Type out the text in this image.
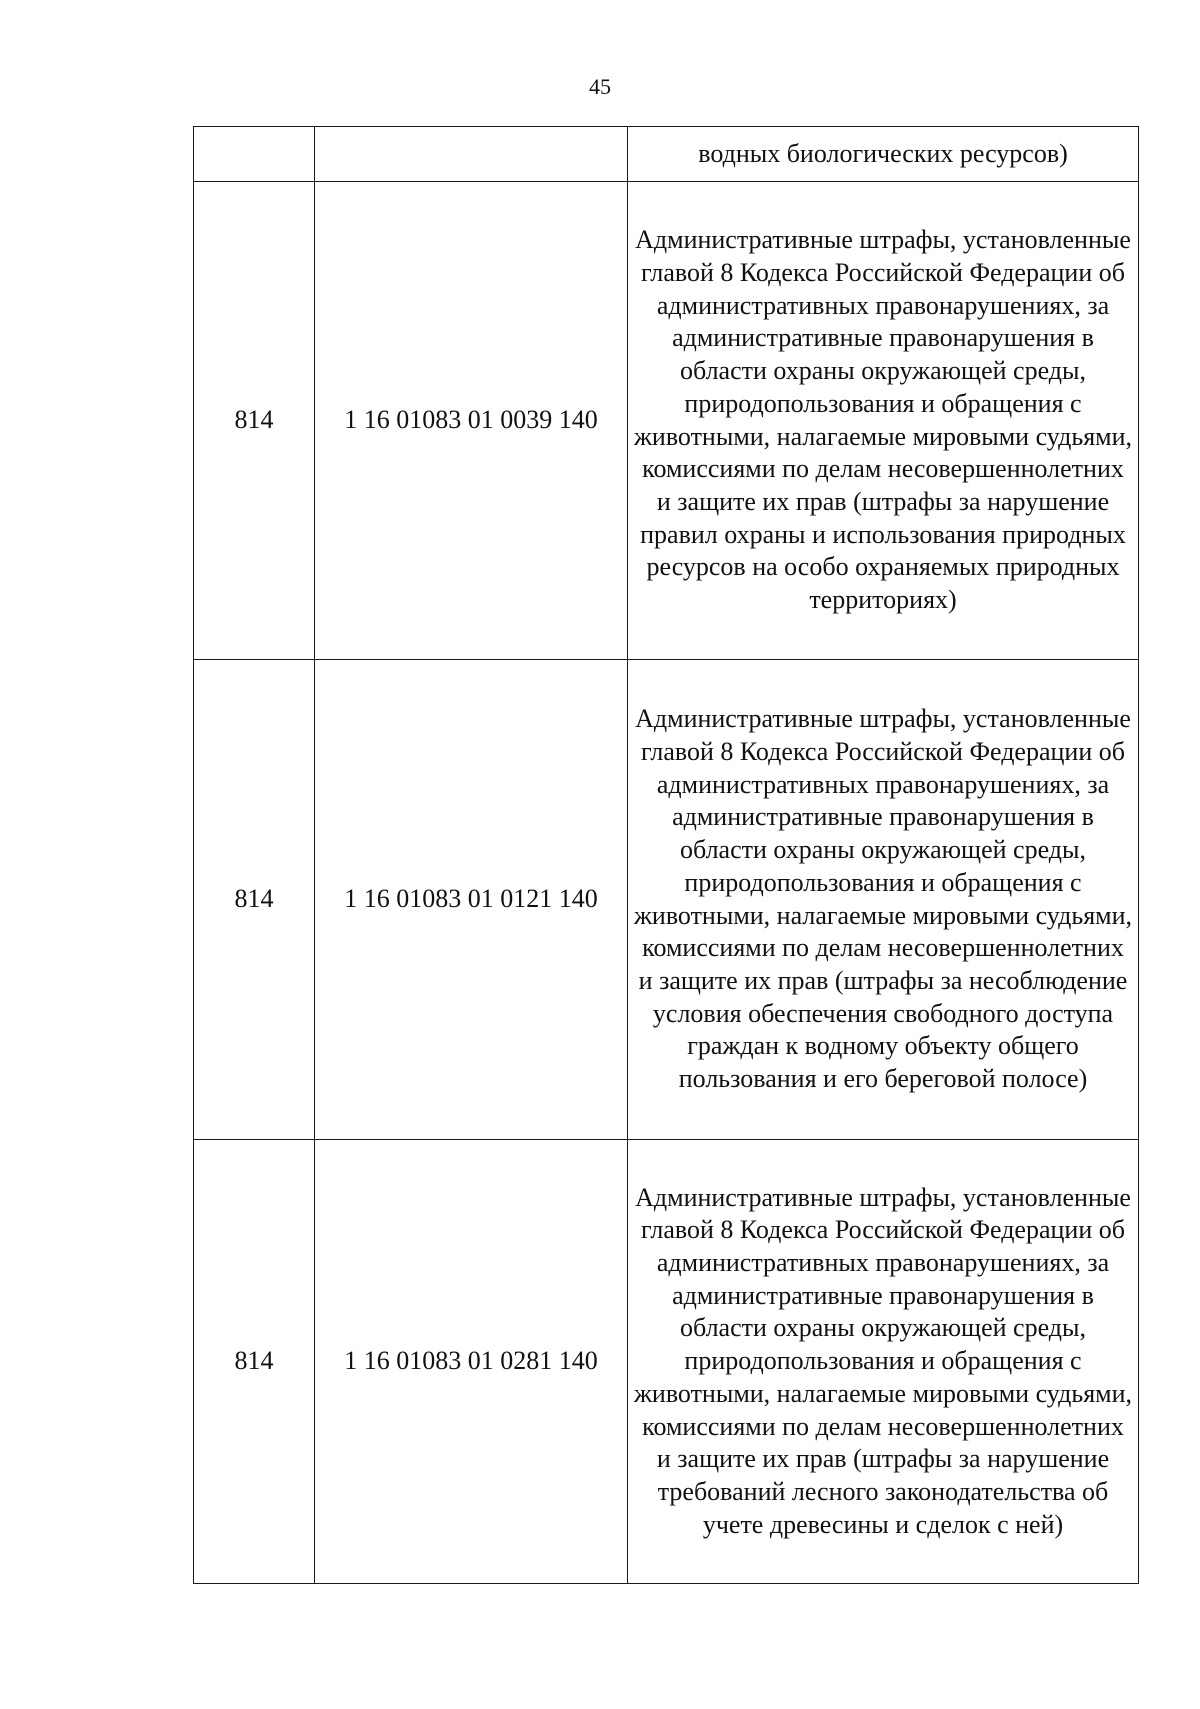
45

		водных биологических ресурсов)

814	1 16 01083 01 0039 140	Административные штрафы, установленные главой 8 Кодекса Российской Федерации об административных правонарушениях, за административные правонарушения в области охраны окружающей среды, природопользования и обращения с животными, налагаемые мировыми судьями, комиссиями по делам несовершеннолетних и защите их прав (штрафы за нарушение правил охраны и использования природных ресурсов на особо охраняемых природных территориях)

814	1 16 01083 01 0121 140	Административные штрафы, установленные главой 8 Кодекса Российской Федерации об административных правонарушениях, за административные правонарушения в области охраны окружающей среды, природопользования и обращения с животными, налагаемые мировыми судьями, комиссиями по делам несовершеннолетних и защите их прав (штрафы за несоблюдение условия обеспечения свободного доступа граждан к водному объекту общего пользования и его береговой полосе)

814	1 16 01083 01 0281 140	Административные штрафы, установленные главой 8 Кодекса Российской Федерации об административных правонарушениях, за административные правонарушения в области охраны окружающей среды, природопользования и обращения с животными, налагаемые мировыми судьями, комиссиями по делам несовершеннолетних и защите их прав (штрафы за нарушение требований лесного законодательства об учете древесины и сделок с ней)
